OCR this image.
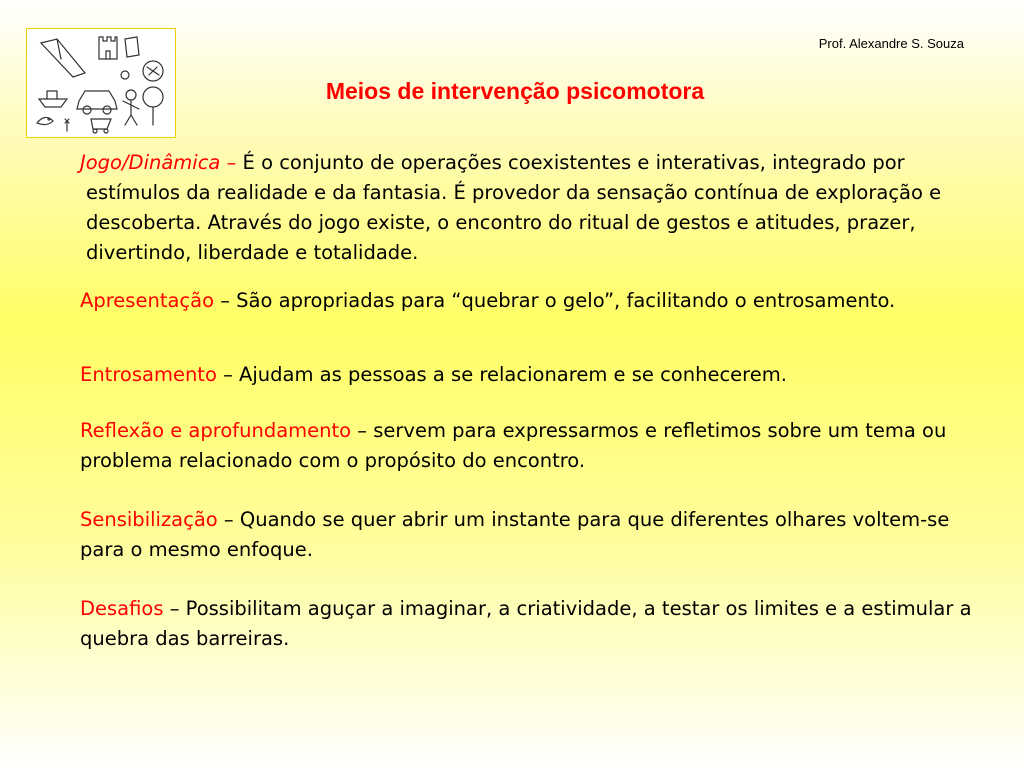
Prof. Alexandre S. Souza
Meios de intervenção psicomotora

Jogo/Dinâmica – É o conjunto de operações coexistentes e interativas, integrado por estímulos da realidade e da fantasia. É provedor da sensação contínua de exploração e descoberta. Através do jogo existe, o encontro do ritual de gestos e atitudes, prazer, divertindo, liberdade e totalidade.

Apresentação – São apropriadas para “quebrar o gelo”, facilitando o entrosamento.

Entrosamento – Ajudam as pessoas a se relacionarem e se conhecerem.

Reflexão e aprofundamento – servem para expressarmos e refletimos sobre um tema ou problema relacionado com o propósito do encontro.

Sensibilização – Quando se quer abrir um instante para que diferentes olhares voltem-se para o mesmo enfoque.

Desafios – Possibilitam aguçar a imaginar, a criatividade, a testar os limites e a estimular a quebra das barreiras.
